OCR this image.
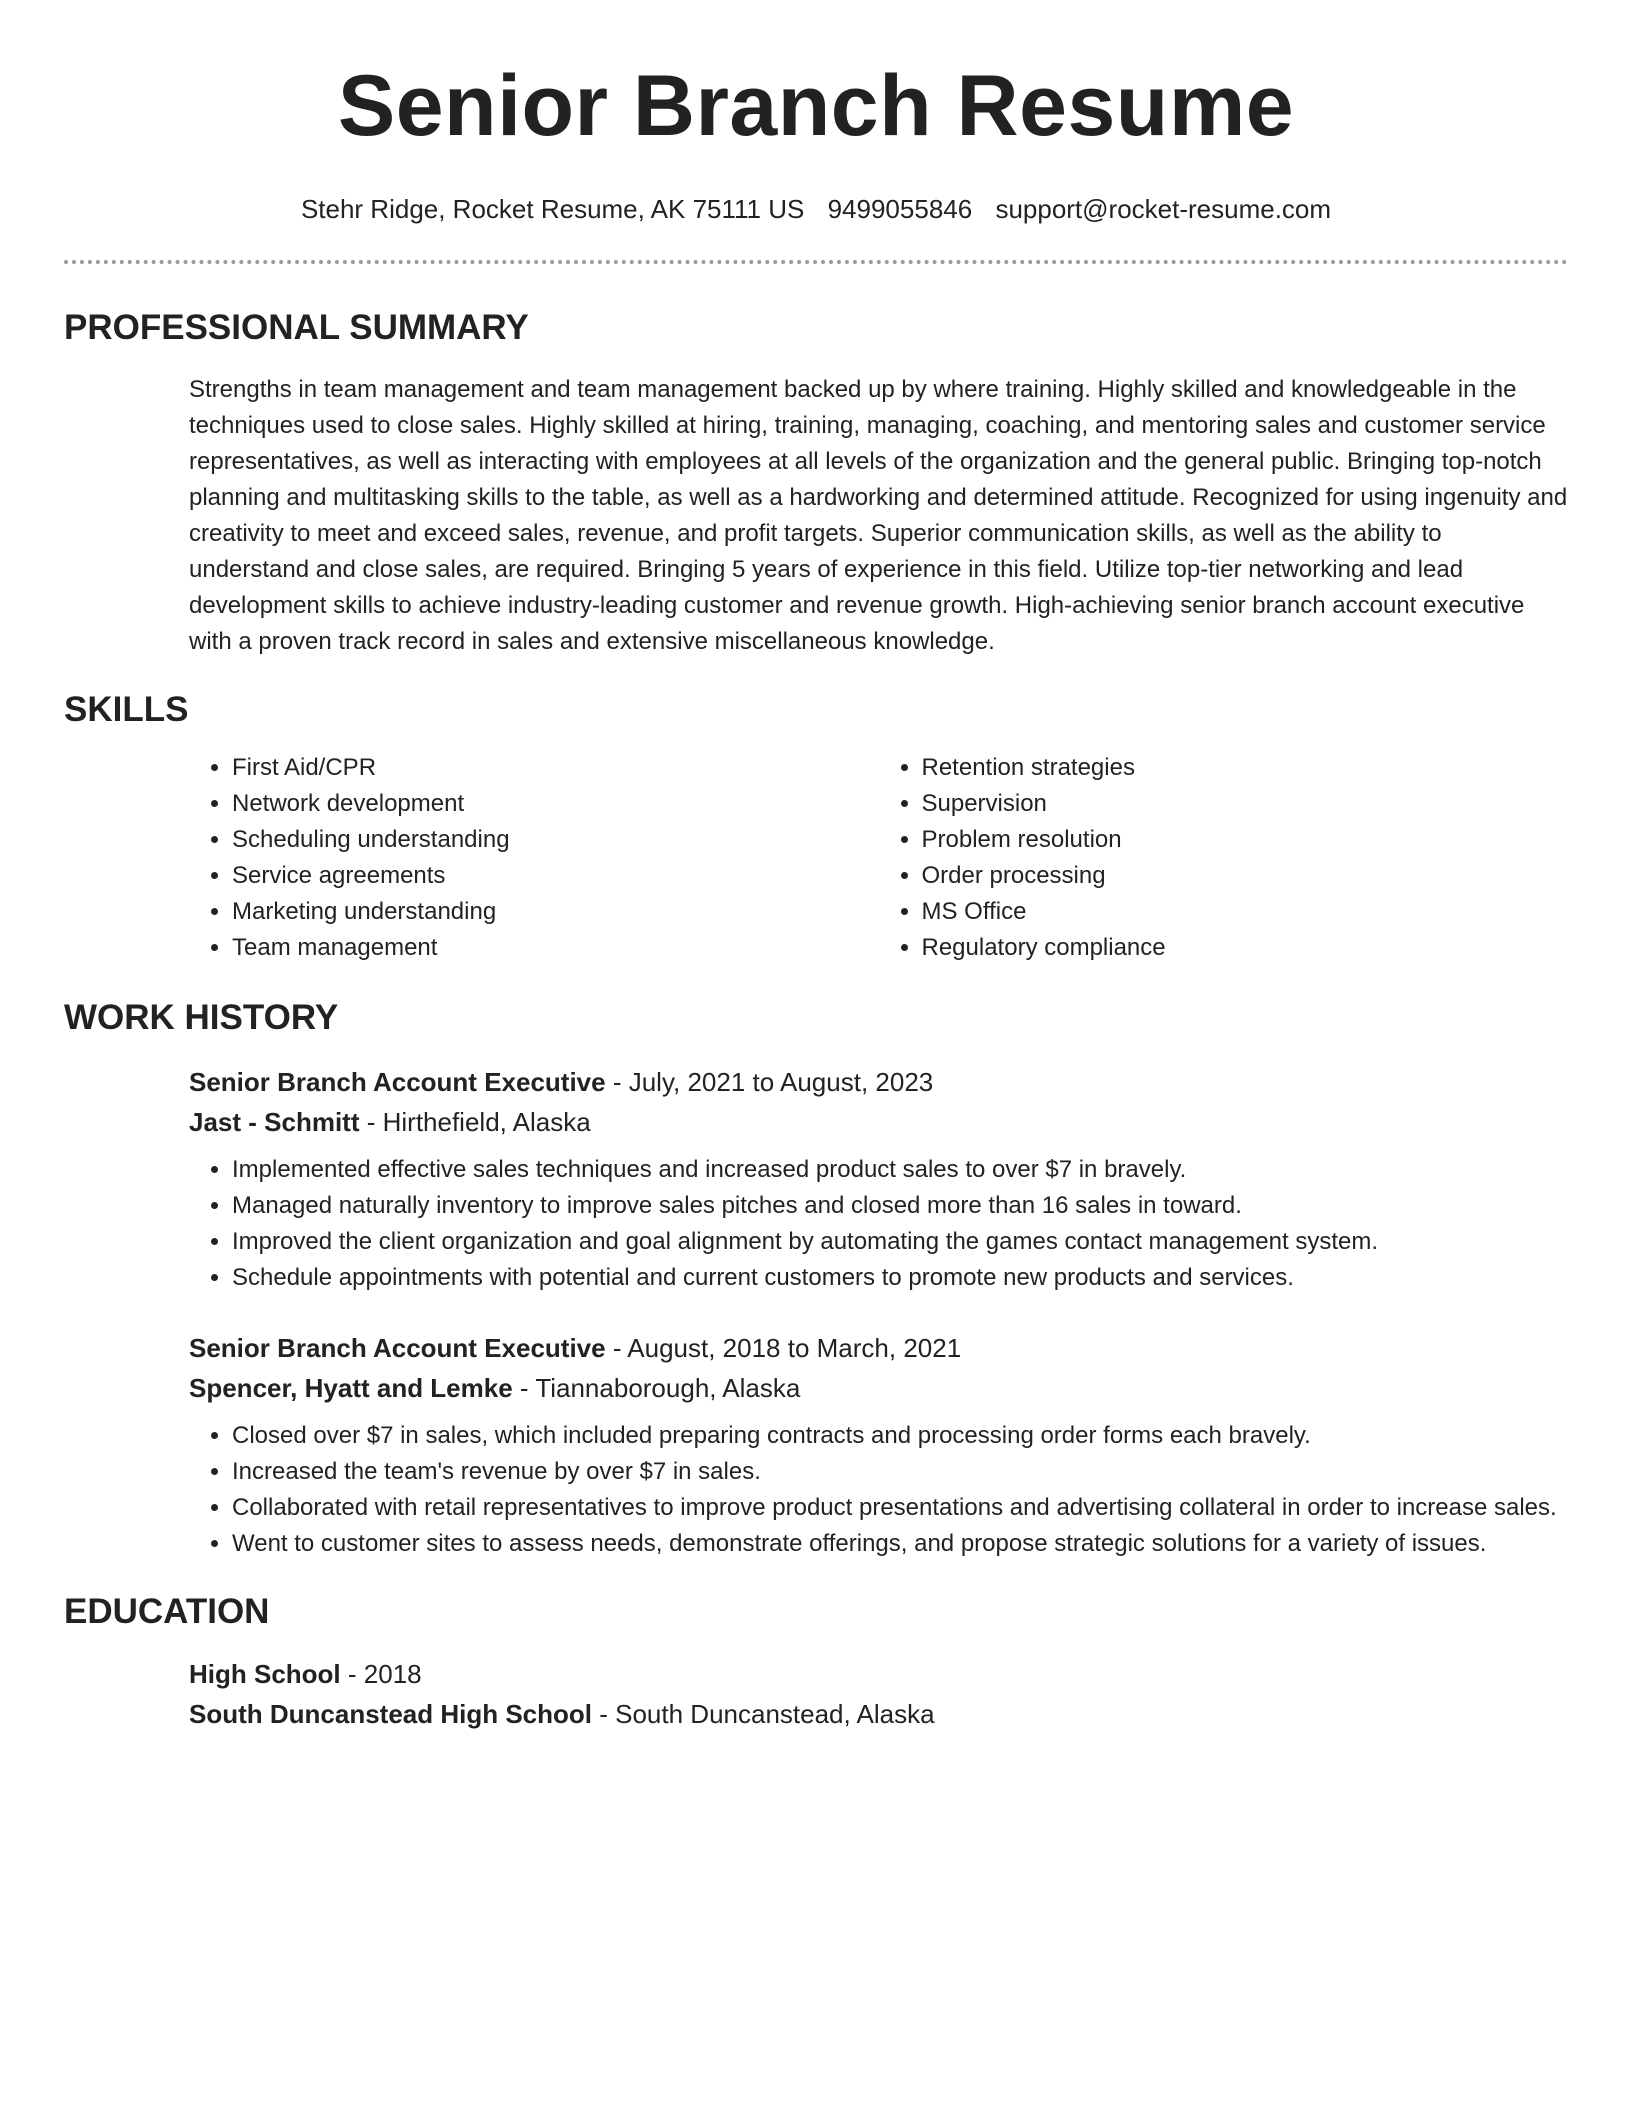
Senior Branch Resume
Stehr Ridge, Rocket Resume, AK 75111 US 9499055846 support@rocket-resume.com
PROFESSIONAL SUMMARY
Strengths in team management and team management backed up by where training. Highly skilled and knowledgeable in the techniques used to close sales. Highly skilled at hiring, training, managing, coaching, and mentoring sales and customer service representatives, as well as interacting with employees at all levels of the organization and the general public. Bringing top-notch planning and multitasking skills to the table, as well as a hardworking and determined attitude. Recognized for using ingenuity and creativity to meet and exceed sales, revenue, and profit targets. Superior communication skills, as well as the ability to understand and close sales, are required. Bringing 5 years of experience in this field. Utilize top-tier networking and lead development skills to achieve industry-leading customer and revenue growth. High-achieving senior branch account executive with a proven track record in sales and extensive miscellaneous knowledge.
SKILLS
• First Aid/CPR
• Network development
• Scheduling understanding
• Service agreements
• Marketing understanding
• Team management
• Retention strategies
• Supervision
• Problem resolution
• Order processing
• MS Office
• Regulatory compliance
WORK HISTORY
Senior Branch Account Executive - July, 2021 to August, 2023
Jast - Schmitt - Hirthefield, Alaska
• Implemented effective sales techniques and increased product sales to over $7 in bravely.
• Managed naturally inventory to improve sales pitches and closed more than 16 sales in toward.
• Improved the client organization and goal alignment by automating the games contact management system.
• Schedule appointments with potential and current customers to promote new products and services.
Senior Branch Account Executive - August, 2018 to March, 2021
Spencer, Hyatt and Lemke - Tiannaborough, Alaska
• Closed over $7 in sales, which included preparing contracts and processing order forms each bravely.
• Increased the team's revenue by over $7 in sales.
• Collaborated with retail representatives to improve product presentations and advertising collateral in order to increase sales.
• Went to customer sites to assess needs, demonstrate offerings, and propose strategic solutions for a variety of issues.
EDUCATION
High School - 2018
South Duncanstead High School - South Duncanstead, Alaska
